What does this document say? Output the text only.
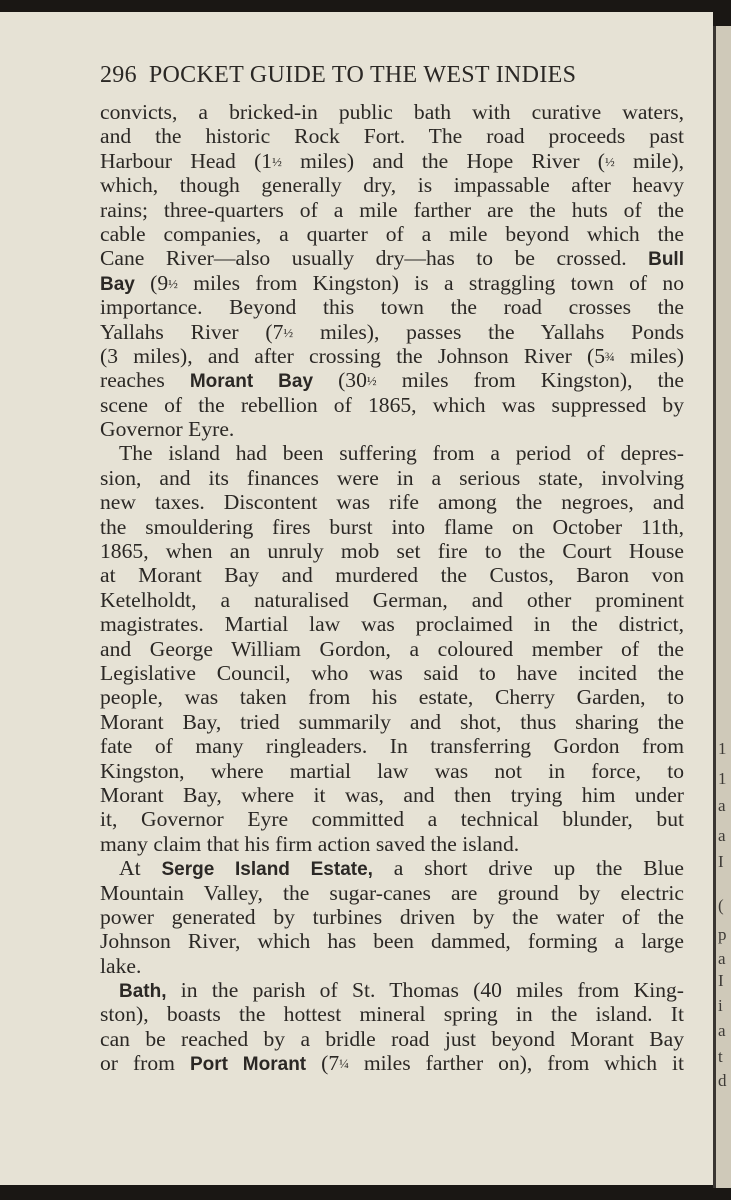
296 POCKET GUIDE TO THE WEST INDIES
convicts, a bricked-in public bath with curative waters,
and the historic Rock Fort. The road proceeds past
Harbour Head (1½ miles) and the Hope River (½ mile),
which, though generally dry, is impassable after heavy
rains; three-quarters of a mile farther are the huts of the
cable companies, a quarter of a mile beyond which the
Cane River—also usually dry—has to be crossed. Bull
Bay (9½ miles from Kingston) is a straggling town of no
importance. Beyond this town the road crosses the
Yallahs River (7½ miles), passes the Yallahs Ponds
(3 miles), and after crossing the Johnson River (5¾ miles)
reaches Morant Bay (30½ miles from Kingston), the
scene of the rebellion of 1865, which was suppressed by
Governor Eyre.
The island had been suffering from a period of depres-
sion, and its finances were in a serious state, involving
new taxes. Discontent was rife among the negroes, and
the smouldering fires burst into flame on October 11th,
1865, when an unruly mob set fire to the Court House
at Morant Bay and murdered the Custos, Baron von
Ketelholdt, a naturalised German, and other prominent
magistrates. Martial law was proclaimed in the district,
and George William Gordon, a coloured member of the
Legislative Council, who was said to have incited the
people, was taken from his estate, Cherry Garden, to
Morant Bay, tried summarily and shot, thus sharing the
fate of many ringleaders. In transferring Gordon from
Kingston, where martial law was not in force, to
Morant Bay, where it was, and then trying him under
it, Governor Eyre committed a technical blunder, but
many claim that his firm action saved the island.
At Serge Island Estate, a short drive up the Blue
Mountain Valley, the sugar-canes are ground by electric
power generated by turbines driven by the water of the
Johnson River, which has been dammed, forming a large
lake.
Bath, in the parish of St. Thomas (40 miles from King-
ston), boasts the hottest mineral spring in the island. It
can be reached by a bridle road just beyond Morant Bay
or from Port Morant (7¼ miles farther on), from which it
1
1
a
a
I
(
p
a
I
i
a
t
d
